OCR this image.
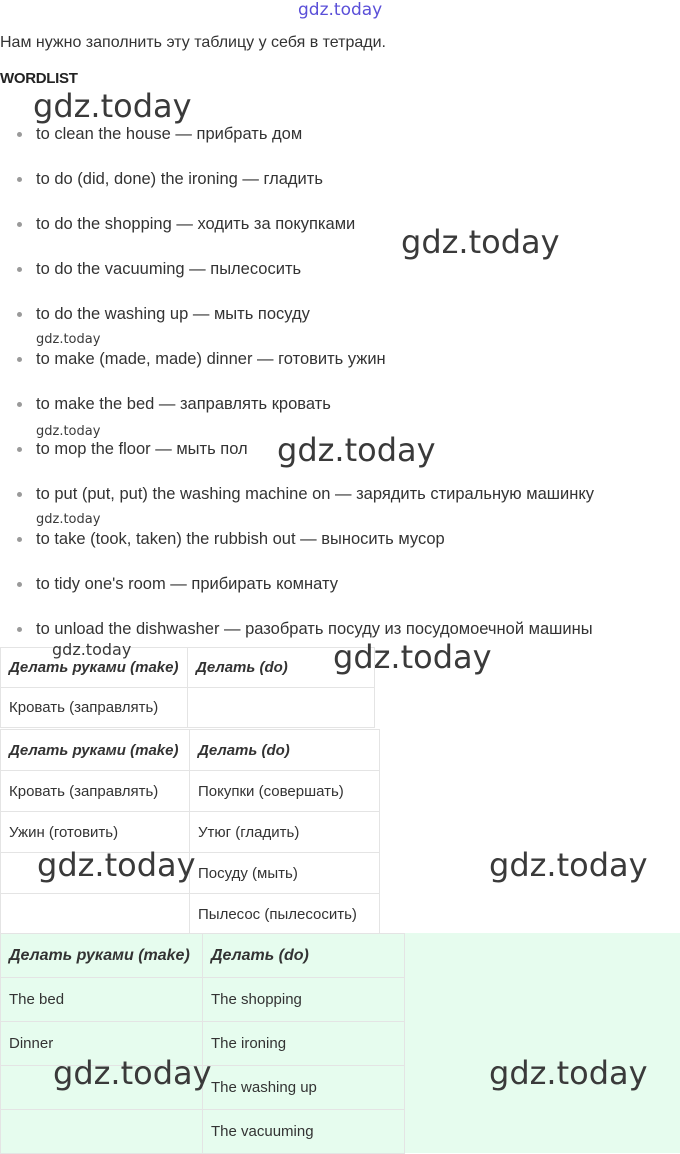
gdz.today
Нам нужно заполнить эту таблицу у себя в тетради.
WORDLIST
to clean the house — прибрать дом
to do (did, done) the ironing — гладить
to do the shopping — ходить за покупками
to do the vacuuming — пылесосить
to do the washing up — мыть посуду
to make (made, made) dinner — готовить ужин
to make the bed — заправлять кровать
to mop the floor — мыть пол
to put (put, put) the washing machine on — зарядить стиральную машинку
to take (took, taken) the rubbish out — выносить мусор
to tidy one's room — прибирать комнату
to unload the dishwasher — разобрать посуду из посудомоечной машины
Делать руками (make)	Делать (do)
Кровать (заправлять)	
Делать руками (make)	Делать (do)
Кровать (заправлять)	Покупки (совершать)
Ужин (готовить)	Утюг (гладить)
	Посуду (мыть)
	Пылесос (пылесосить)
Делать руками (make)	Делать (do)
The bed	The shopping
Dinner	The ironing
	The washing up
	The vacuuming
gdz.today
gdz.today
gdz.today
gdz.today	gdz.today
gdz.today
gdz.today	gdz.today
gdz.today	gdz.today
gdz.today	gdz.today
